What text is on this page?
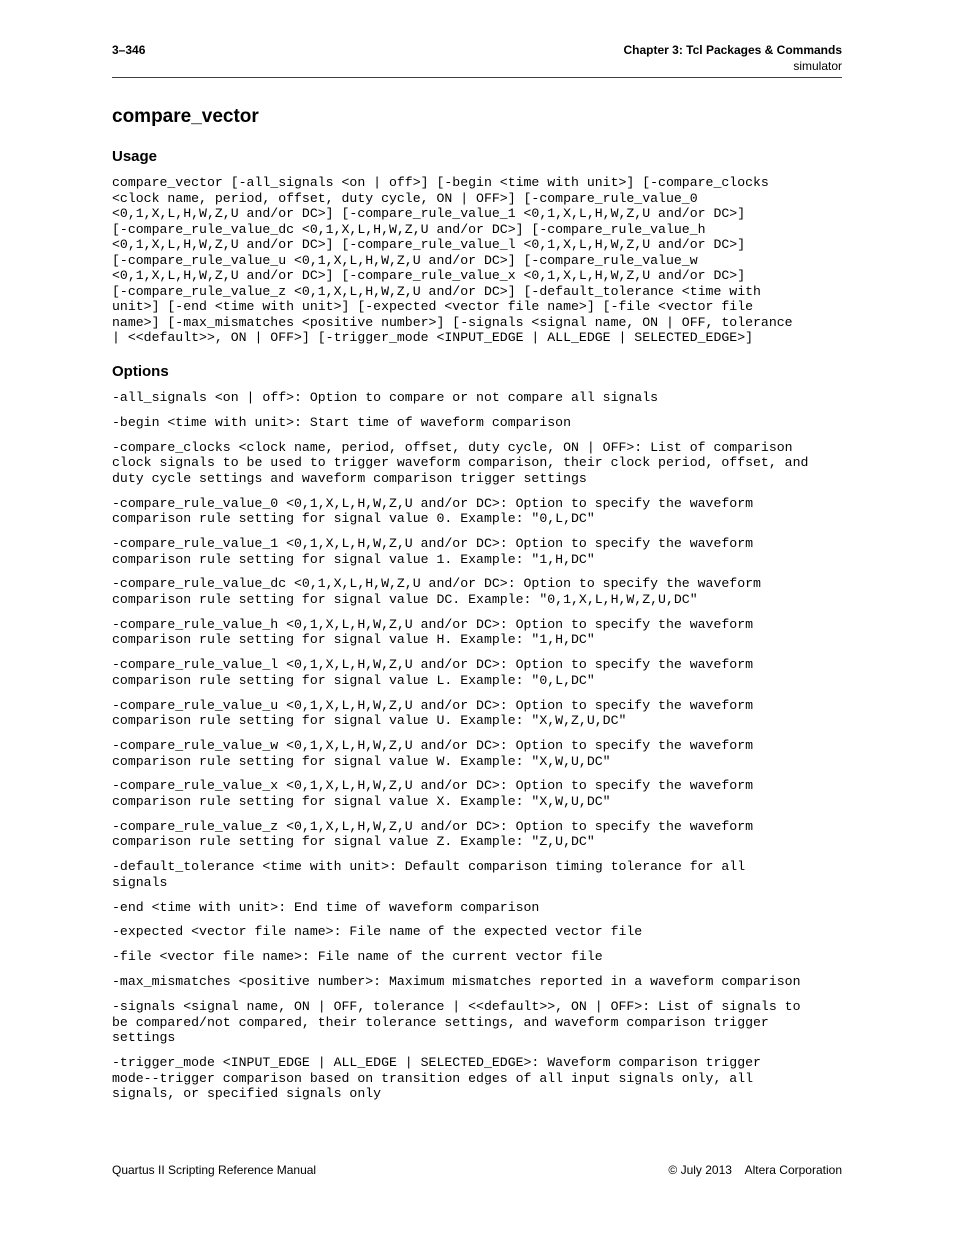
3–346	Chapter 3: Tcl Packages & Commands
simulator
compare_vector
Usage
compare_vector [-all_signals <on | off>] [-begin <time with unit>] [-compare_clocks
<clock name, period, offset, duty cycle, ON | OFF>] [-compare_rule_value_0
<0,1,X,L,H,W,Z,U and/or DC>] [-compare_rule_value_1 <0,1,X,L,H,W,Z,U and/or DC>]
[-compare_rule_value_dc <0,1,X,L,H,W,Z,U and/or DC>] [-compare_rule_value_h
<0,1,X,L,H,W,Z,U and/or DC>] [-compare_rule_value_l <0,1,X,L,H,W,Z,U and/or DC>]
[-compare_rule_value_u <0,1,X,L,H,W,Z,U and/or DC>] [-compare_rule_value_w
<0,1,X,L,H,W,Z,U and/or DC>] [-compare_rule_value_x <0,1,X,L,H,W,Z,U and/or DC>]
[-compare_rule_value_z <0,1,X,L,H,W,Z,U and/or DC>] [-default_tolerance <time with
unit>] [-end <time with unit>] [-expected <vector file name>] [-file <vector file
name>] [-max_mismatches <positive number>] [-signals <signal name, ON | OFF, tolerance
| <<default>>, ON | OFF>] [-trigger_mode <INPUT_EDGE | ALL_EDGE | SELECTED_EDGE>]
Options
-all_signals <on | off>: Option to compare or not compare all signals
-begin <time with unit>: Start time of waveform comparison
-compare_clocks <clock name, period, offset, duty cycle, ON | OFF>: List of comparison
clock signals to be used to trigger waveform comparison, their clock period, offset, and
duty cycle settings and waveform comparison trigger settings
-compare_rule_value_0 <0,1,X,L,H,W,Z,U and/or DC>: Option to specify the waveform
comparison rule setting for signal value 0. Example: "0,L,DC"
-compare_rule_value_1 <0,1,X,L,H,W,Z,U and/or DC>: Option to specify the waveform
comparison rule setting for signal value 1. Example: "1,H,DC"
-compare_rule_value_dc <0,1,X,L,H,W,Z,U and/or DC>: Option to specify the waveform
comparison rule setting for signal value DC. Example: "0,1,X,L,H,W,Z,U,DC"
-compare_rule_value_h <0,1,X,L,H,W,Z,U and/or DC>: Option to specify the waveform
comparison rule setting for signal value H. Example: "1,H,DC"
-compare_rule_value_l <0,1,X,L,H,W,Z,U and/or DC>: Option to specify the waveform
comparison rule setting for signal value L. Example: "0,L,DC"
-compare_rule_value_u <0,1,X,L,H,W,Z,U and/or DC>: Option to specify the waveform
comparison rule setting for signal value U. Example: "X,W,Z,U,DC"
-compare_rule_value_w <0,1,X,L,H,W,Z,U and/or DC>: Option to specify the waveform
comparison rule setting for signal value W. Example: "X,W,U,DC"
-compare_rule_value_x <0,1,X,L,H,W,Z,U and/or DC>: Option to specify the waveform
comparison rule setting for signal value X. Example: "X,W,U,DC"
-compare_rule_value_z <0,1,X,L,H,W,Z,U and/or DC>: Option to specify the waveform
comparison rule setting for signal value Z. Example: "Z,U,DC"
-default_tolerance <time with unit>: Default comparison timing tolerance for all
signals
-end <time with unit>: End time of waveform comparison
-expected <vector file name>: File name of the expected vector file
-file <vector file name>: File name of the current vector file
-max_mismatches <positive number>: Maximum mismatches reported in a waveform comparison
-signals <signal name, ON | OFF, tolerance | <<default>>, ON | OFF>: List of signals to
be compared/not compared, their tolerance settings, and waveform comparison trigger
settings
-trigger_mode <INPUT_EDGE | ALL_EDGE | SELECTED_EDGE>: Waveform comparison trigger
mode--trigger comparison based on transition edges of all input signals only, all
signals, or specified signals only
Quartus II Scripting Reference Manual	© July 2013    Altera Corporation
